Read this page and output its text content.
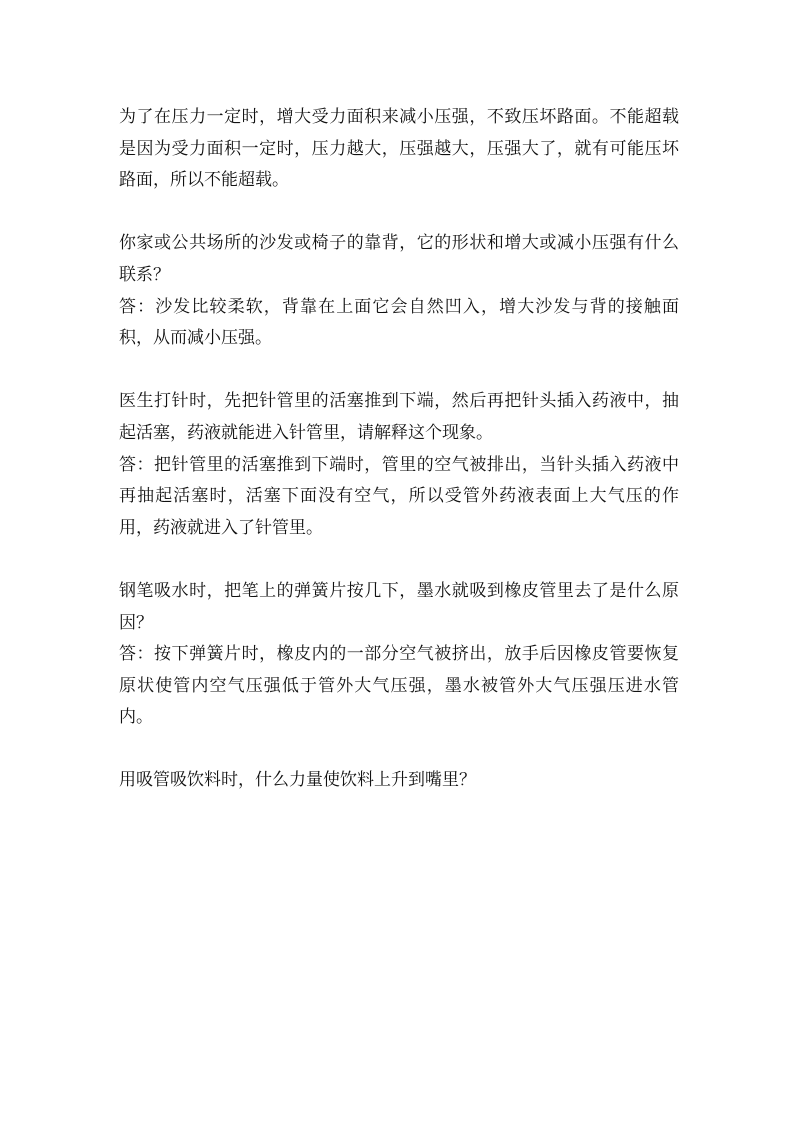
为了在压力一定时，增大受力面积来减小压强，不致压坏路面。不能超载是因为受力面积一定时，压力越大，压强越大，压强大了，就有可能压坏路面，所以不能超载。

你家或公共场所的沙发或椅子的靠背，它的形状和增大或减小压强有什么联系？
答：沙发比较柔软，背靠在上面它会自然凹入，增大沙发与背的接触面积，从而减小压强。

医生打针时，先把针管里的活塞推到下端，然后再把针头插入药液中，抽起活塞，药液就能进入针管里，请解释这个现象。
答：把针管里的活塞推到下端时，管里的空气被排出，当针头插入药液中再抽起活塞时，活塞下面没有空气，所以受管外药液表面上大气压的作用，药液就进入了针管里。

钢笔吸水时，把笔上的弹簧片按几下，墨水就吸到橡皮管里去了是什么原因？
答：按下弹簧片时，橡皮内的一部分空气被挤出，放手后因橡皮管要恢复原状使管内空气压强低于管外大气压强，墨水被管外大气压强压进水管内。

用吸管吸饮料时，什么力量使饮料上升到嘴里？
